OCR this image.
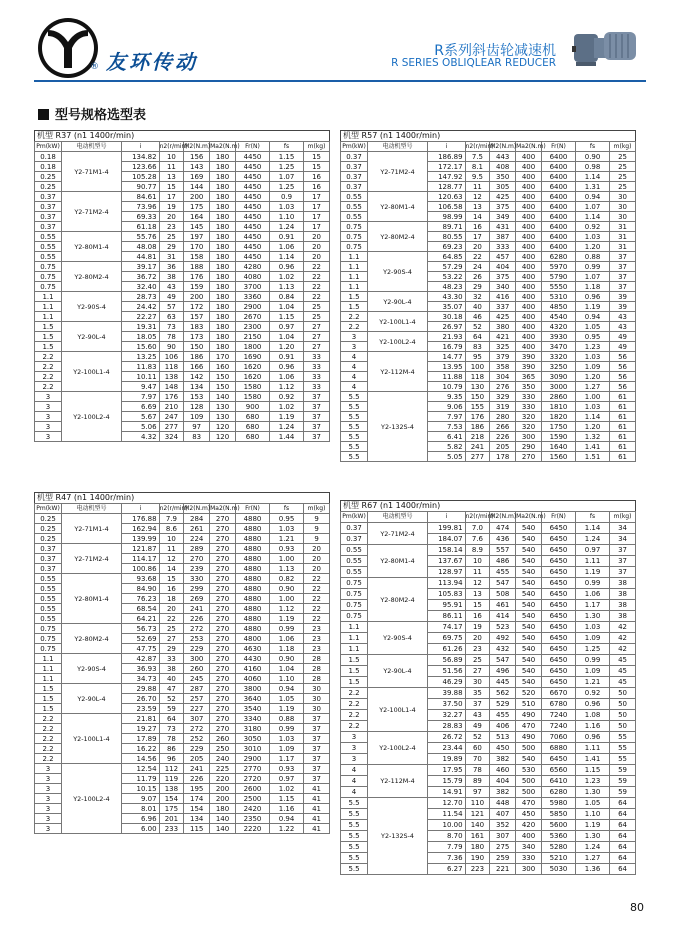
友环
® 友环传动	R系列斜齿轮减速机
R SERIES OBLIQLEAR REDUCER
型号规格选型表
机型 R37 (n1 1400r/min)
Pm(kW)	电动机型号	i	n2(r/min)	M2(N.m)	Ma2(N.m)	Fr(N)	fs	m(kg)
0.18	Y2-71M1-4	134.82	10	156	180	4450	1.15	15
0.18		123.66	11	143	180	4450	1.25	15
0.25		105.28	13	169	180	4450	1.07	16
0.25		90.77	15	144	180	4450	1.25	16
0.37	Y2-71M2-4	84.61	17	200	180	4450	0.9	17
0.37		73.96	19	175	180	4450	1.03	17
0.37		69.33	20	164	180	4450	1.10	17
0.37		61.18	23	145	180	4450	1.24	17
0.55	Y2-80M1-4	55.76	25	197	180	4450	0.91	20
0.55		48.08	29	170	180	4450	1.06	20
0.55		44.81	31	158	180	4450	1.14	20
0.75	Y2-80M2-4	39.17	36	188	180	4280	0.96	22
0.75		36.72	38	176	180	4080	1.02	22
0.75		32.40	43	159	180	3700	1.13	22
1.1	Y2-90S-4	28.73	49	200	180	3360	0.84	22
1.1		24.42	57	172	180	2900	1.04	25
1.1		22.27	63	157	180	2670	1.15	25
1.5	Y2-90L-4	19.31	73	183	180	2300	0.97	27
1.5		18.05	78	173	180	2150	1.04	27
1.5		15.60	90	150	180	1800	1.20	27
2.2	Y2-100L1-4	13.25	106	186	170	1690	0.91	33
2.2		11.83	118	166	160	1620	0.96	33
2.2		10.11	138	142	150	1620	1.06	33
2.2		9.47	148	134	150	1580	1.12	33
3	Y2-100L2-4	7.97	176	153	140	1580	0.92	37
3		6.69	210	128	130	900	1.02	37
3		5.67	247	109	130	680	1.19	37
3		5.06	277	97	120	680	1.24	37
3		4.32	324	83	120	680	1.44	37
机型 R47 (n1 1400r/min)
Pm(kW)	电动机型号	i	n2(r/min)	M2(N.m)	Ma2(N.m)	Fr(N)	fs	m(kg)
0.25	Y2-71M1-4	176.88	7.9	284	270	4880	0.95	9
0.25		162.94	8.6	261	270	4880	1.03	9
0.25		139.99	10	224	270	4880	1.21	9
0.37	Y2-71M2-4	121.87	11	289	270	4880	0.93	20
0.37		114.17	12	270	270	4880	1.00	20
0.37		100.86	14	239	270	4880	1.13	20
0.55	Y2-80M1-4	93.68	15	330	270	4880	0.82	22
0.55		84.90	16	299	270	4880	0.90	22
0.55		76.23	18	269	270	4880	1.00	22
0.55		68.54	20	241	270	4880	1.12	22
0.55		64.21	22	226	270	4880	1.19	22
0.75	Y2-80M2-4	56.73	25	272	270	4880	0.99	23
0.75		52.69	27	253	270	4800	1.06	23
0.75		47.75	29	229	270	4630	1.18	23
1.1	Y2-90S-4	42.87	33	300	270	4430	0.90	28
1.1		36.93	38	260	270	4160	1.04	28
1.1		34.73	40	245	270	4060	1.10	28
1.5	Y2-90L-4	29.88	47	287	270	3800	0.94	30
1.5		26.70	52	257	270	3640	1.05	30
1.5		23.59	59	227	270	3540	1.19	30
2.2	Y2-100L1-4	21.81	64	307	270	3340	0.88	37
2.2		19.27	73	272	270	3180	0.99	37
2.2		17.89	78	252	260	3050	1.03	37
2.2		16.22	86	229	250	3010	1.09	37
2.2		14.56	96	205	240	2900	1.17	37
3	Y2-100L2-4	12.54	112	241	225	2770	0.93	37
3		11.79	119	226	220	2720	0.97	37
3		10.15	138	195	200	2600	1.02	41
3		9.07	154	174	200	2500	1.15	41
3		8.01	175	154	180	2420	1.16	41
3		6.96	201	134	140	2350	0.94	41
3		6.00	233	115	140	2220	1.22	41
机型 R57 (n1 1400r/min)
Pm(kW)	电动机型号	i	n2(r/min)	M2(N.m)	Ma2(N.m)	Fr(N)	fs	m(kg)
0.37	Y2-71M2-4	186.89	7.5	443	400	6400	0.90	25
0.37		172.17	8.1	408	400	6400	0.98	25
0.37		147.92	9.5	350	400	6400	1.14	25
0.37		128.77	11	305	400	6400	1.31	25
0.55	Y2-80M1-4	120.63	12	425	400	6400	0.94	30
0.55		106.58	13	375	400	6400	1.07	30
0.55		98.99	14	349	400	6400	1.14	30
0.75	Y2-80M2-4	89.71	16	431	400	6400	0.92	31
0.75		80.55	17	387	400	6400	1.03	31
0.75		69.23	20	333	400	6400	1.20	31
1.1	Y2-90S-4	64.85	22	457	400	6280	0.88	37
1.1		57.29	24	404	400	5970	0.99	37
1.1		53.22	26	375	400	5790	1.07	37
1.1		48.23	29	340	400	5550	1.18	37
1.5	Y2-90L-4	43.30	32	416	400	5310	0.96	39
1.5		35.07	40	337	400	4850	1.19	39
2.2	Y2-100L1-4	30.18	46	425	400	4540	0.94	43
2.2		26.97	52	380	400	4320	1.05	43
3	Y2-100L2-4	21.93	64	421	400	3930	0.95	49
3		16.79	83	325	400	3470	1.23	49
4	Y2-112M-4	14.77	95	379	390	3320	1.03	56
4		13.95	100	358	390	3250	1.09	56
4		11.88	118	304	365	3090	1.20	56
4		10.79	130	276	350	3000	1.27	56
5.5	Y2-132S-4	9.35	150	329	330	2860	1.00	61
5.5		9.06	155	319	330	1810	1.03	61
5.5		7.97	176	280	320	1820	1.14	61
5.5		7.53	186	266	320	1750	1.20	61
5.5		6.41	218	226	300	1590	1.32	61
5.5		5.82	241	205	290	1640	1.41	61
5.5		5.05	277	178	270	1560	1.51	61
机型 R67 (n1 1400r/min)
Pm(kW)	电动机型号	i	n2(r/min)	M2(N.m)	Ma2(N.m)	Fr(N)	fs	m(kg)
0.37	Y2-71M2-4	199.81	7.0	474	540	6450	1.14	34
0.37		184.07	7.6	436	540	6450	1.24	34
0.55	Y2-80M1-4	158.14	8.9	557	540	6450	0.97	37
0.55		137.67	10	486	540	6450	1.11	37
0.55		128.97	11	455	540	6450	1.19	37
0.75	Y2-80M2-4	113.94	12	547	540	6450	0.99	38
0.75		105.83	13	508	540	6450	1.06	38
0.75		95.91	15	461	540	6450	1.17	38
0.75		86.11	16	414	540	6450	1.30	38
1.1	Y2-90S-4	74.17	19	523	540	6450	1.03	42
1.1		69.75	20	492	540	6450	1.09	42
1.1		61.26	23	432	540	6450	1.25	42
1.5	Y2-90L-4	56.89	25	547	540	6450	0.99	45
1.5		51.56	27	496	540	6450	1.09	45
1.5		46.29	30	445	540	6450	1.21	45
2.2	Y2-100L1-4	39.88	35	562	520	6670	0.92	50
2.2		37.50	37	529	510	6780	0.96	50
2.2		32.27	43	455	490	7240	1.08	50
2.2		28.83	49	406	470	7240	1.16	50
3	Y2-100L2-4	26.72	52	513	490	7060	0.96	55
3		23.44	60	450	500	6880	1.11	55
3		19.89	70	382	540	6450	1.41	55
4	Y2-112M-4	17.95	78	460	530	6560	1.15	59
4		15.79	89	404	500	6410	1.23	59
4		14.91	97	382	500	6280	1.30	59
5.5	Y2-132S-4	12.70	110	448	470	5980	1.05	64
5.5		11.54	121	407	450	5850	1.10	64
5.5		10.00	140	352	420	5600	1.19	64
5.5		8.70	161	307	400	5360	1.30	64
5.5		7.79	180	275	340	5280	1.24	64
5.5		7.36	190	259	330	5210	1.27	64
5.5		6.27	223	221	300	5030	1.36	64
80
